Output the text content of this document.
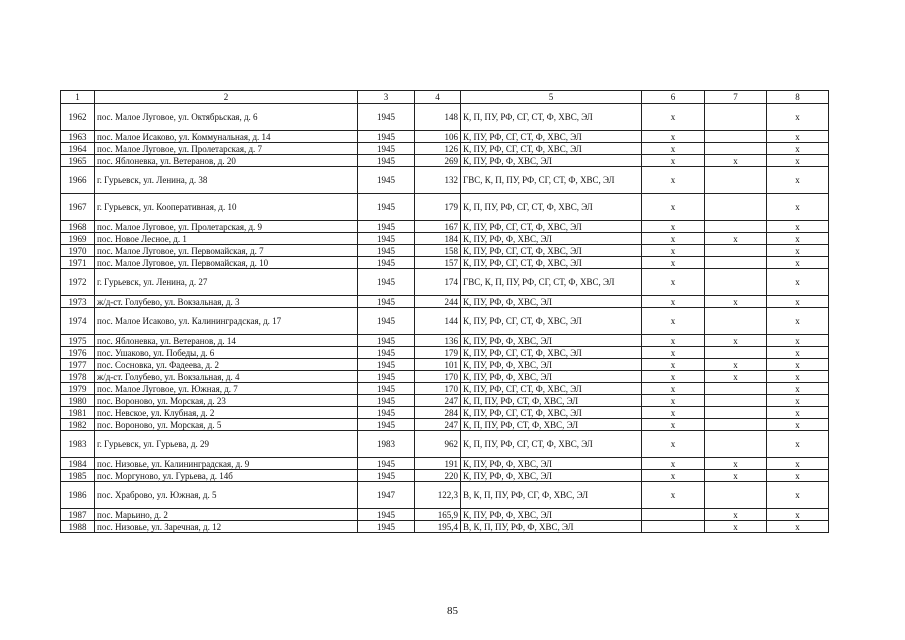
1	2	3	4	5	6	7	8
1962	пос. Малое Луговое, ул. Октябрьская, д. 6	1945	148	К, П, ПУ, РФ, СГ, СТ, Ф, ХВС, ЭЛ	x		x
1963	пос. Малое Исаково, ул. Коммунальная, д. 14	1945	106	К, ПУ, РФ, СГ, СТ, Ф, ХВС, ЭЛ	x		x
1964	пос. Малое Луговое, ул. Пролетарская, д. 7	1945	126	К, ПУ, РФ, СГ, СТ, Ф, ХВС, ЭЛ	x		x
1965	пос. Яблоневка, ул. Ветеранов, д. 20	1945	269	К, ПУ, РФ, Ф, ХВС, ЭЛ	x	x	x
1966	г. Гурьевск, ул. Ленина, д. 38	1945	132	ГВС, К, П, ПУ, РФ, СГ, СТ, Ф, ХВС, ЭЛ	x		x
1967	г. Гурьевск, ул. Кооперативная, д. 10	1945	179	К, П, ПУ, РФ, СГ, СТ, Ф, ХВС, ЭЛ	x		x
1968	пос. Малое Луговое, ул. Пролетарская, д. 9	1945	167	К, ПУ, РФ, СГ, СТ, Ф, ХВС, ЭЛ	x		x
1969	пос. Новое Лесное, д. 1	1945	184	К, ПУ, РФ, Ф, ХВС, ЭЛ	x	x	x
1970	пос. Малое Луговое, ул. Первомайская, д. 7	1945	158	К, ПУ, РФ, СГ, СТ, Ф, ХВС, ЭЛ	x		x
1971	пос. Малое Луговое, ул. Первомайская, д. 10	1945	157	К, ПУ, РФ, СГ, СТ, Ф, ХВС, ЭЛ	x		x
1972	г. Гурьевск, ул. Ленина, д. 27	1945	174	ГВС, К, П, ПУ, РФ, СГ, СТ, Ф, ХВС, ЭЛ	x		x
1973	ж/д-ст. Голубево, ул. Вокзальная, д. 3	1945	244	К, ПУ, РФ, Ф, ХВС, ЭЛ	x	x	x
1974	пос. Малое Исаково, ул. Калининградская, д. 17	1945	144	К, ПУ, РФ, СГ, СТ, Ф, ХВС, ЭЛ	x		x
1975	пос. Яблоневка, ул. Ветеранов, д. 14	1945	136	К, ПУ, РФ, Ф, ХВС, ЭЛ	x	x	x
1976	пос. Ушаково, ул. Победы, д. 6	1945	179	К, ПУ, РФ, СГ, СТ, Ф, ХВС, ЭЛ	x		x
1977	пос. Сосновка, ул. Фадеева, д. 2	1945	101	К, ПУ, РФ, Ф, ХВС, ЭЛ	x	x	x
1978	ж/д-ст. Голубево, ул. Вокзальная, д. 4	1945	170	К, ПУ, РФ, Ф, ХВС, ЭЛ	x	x	x
1979	пос. Малое Луговое, ул. Южная, д. 7	1945	170	К, ПУ, РФ, СГ, СТ, Ф, ХВС, ЭЛ	x		x
1980	пос. Вороново, ул. Морская, д. 23	1945	247	К, П, ПУ, РФ, СТ, Ф, ХВС, ЭЛ	x		x
1981	пос. Невское, ул. Клубная, д. 2	1945	284	К, ПУ, РФ, СГ, СТ, Ф, ХВС, ЭЛ	x		x
1982	пос. Вороново, ул. Морская, д. 5	1945	247	К, П, ПУ, РФ, СТ, Ф, ХВС, ЭЛ	x		x
1983	г. Гурьевск, ул. Гурьева, д. 29	1983	962	К, П, ПУ, РФ, СГ, СТ, Ф, ХВС, ЭЛ	x		x
1984	пос. Низовье, ул. Калининградская, д. 9	1945	191	К, ПУ, РФ, Ф, ХВС, ЭЛ	x	x	x
1985	пос. Моргуново, ул. Гурьева, д. 14б	1945	220	К, ПУ, РФ, Ф, ХВС, ЭЛ	x	x	x
1986	пос. Храброво, ул. Южная, д. 5	1947	122,3	В, К, П, ПУ, РФ, СГ, Ф, ХВС, ЭЛ	x		x
1987	пос. Марьино, д. 2	1945	165,9	К, ПУ, РФ, Ф, ХВС, ЭЛ		x	x
1988	пос. Низовье, ул. Заречная, д. 12	1945	195,4	В, К, П, ПУ, РФ, Ф, ХВС, ЭЛ		x	x
85
